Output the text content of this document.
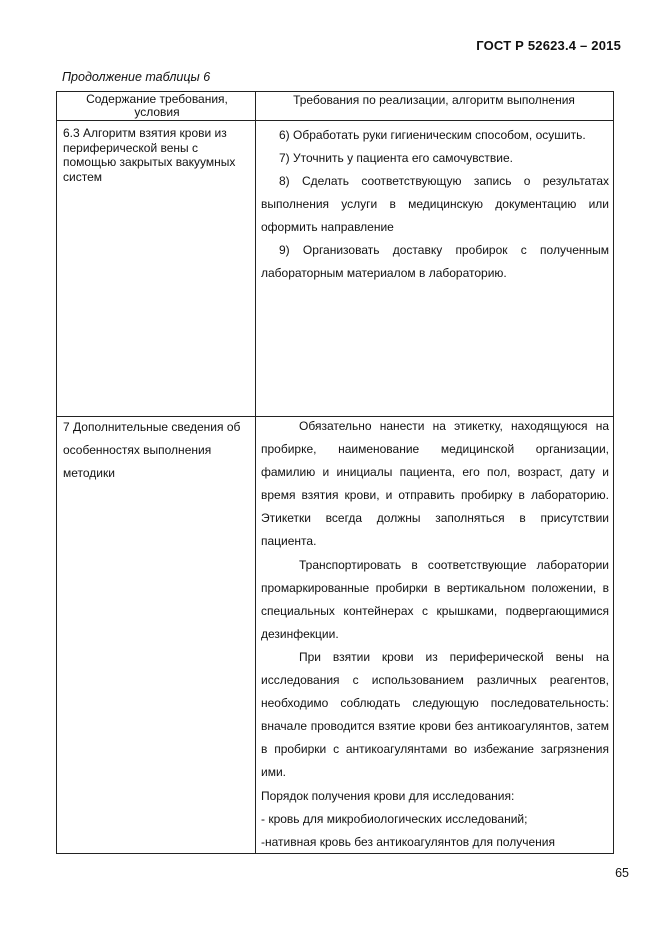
ГОСТ Р 52623.4 – 2015
Продолжение таблицы 6
Содержание требования, условия
Требования по реализации, алгоритм выполнения
6.3 Алгоритм взятия крови из периферической вены с помощью закрытых вакуумных систем

6) Обработать руки гигиеническим способом, осушить.

7) Уточнить у пациента его самочувствие.

8) Сделать соответствующую запись о результатах выполнения услуги в медицинскую документацию или оформить направление

9) Организовать доставку пробирок с полученным лабораторным материалом в лабораторию.

7 Дополнительные сведения об особенностях выполнения методики

Обязательно нанести на этикетку, находящуюся на пробирке, наименование медицинской организации, фамилию и инициалы пациента, его пол, возраст, дату и время взятия крови, и отправить пробирку в лабораторию. Этикетки всегда должны заполняться в присутствии пациента.

Транспортировать в соответствующие лаборатории промаркированные пробирки в вертикальном положении, в специальных контейнерах с крышками, подвергающимися дезинфекции.

При взятии крови из периферической вены на исследования с использованием различных реагентов, необходимо соблюдать следующую последовательность: вначале проводится взятие крови без антикоагулянтов, затем в пробирки с антикоагулянтами во избежание загрязнения ими.

Порядок получения крови для исследования:

- кровь для микробиологических исследований;

-нативная кровь без антикоагулянтов для получения

65
